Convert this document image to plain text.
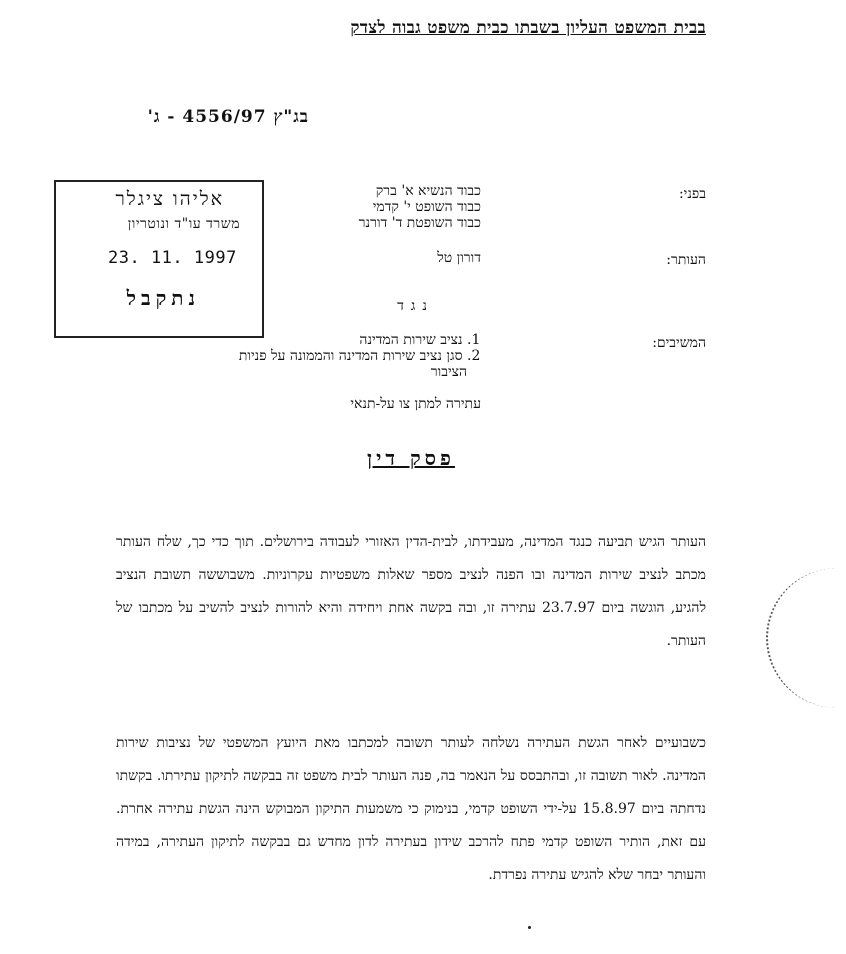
בבית המשפט העליון בשבתו כבית משפט גבוה לצדק
בג"ץ 4556/97 - ג'
אליהו ציגלר
משרד עו"ד ונוטריון
23. 11. 1997
נתקבל
בפני:
כבוד הנשיא א' ברק
כבוד השופט י' קדמי
כבוד השופטת ד' דורנר
העותר:
דורון טל
נגד
המשיבים:
1. נציב שירות המדינה
2. סגן נציב שירות המדינה והממונה על פניות
הציבור
עתירה למתן צו על-תנאי
פסק דין

העותר הגיש תביעה כנגד המדינה, מעבידתו, לבית-הדין האזורי לעבודה בירושלים. תוך כדי כך, שלח העותר מכתב לנציב שירות המדינה ובו הפנה לנציב מספר שאלות משפטיות עקרוניות. משבוששה תשובת הנציב להגיע, הוגשה ביום 23.7.97 עתירה זו, ובה בקשה אחת ויחידה והיא להורות לנציב להשיב על מכתבו של העותר.

כשבועיים לאחר הגשת העתירה נשלחה לעותר תשובה למכתבו מאת היועץ המשפטי של נציבות שירות המדינה. לאור תשובה זו, ובהתבסס על הנאמר בה, פנה העותר לבית משפט זה בבקשה לתיקון עתירתו. בקשתו נדחתה ביום 15.8.97 על-ידי השופט קדמי, בנימוק כי משמעות התיקון המבוקש הינה הגשת עתירה אחרת. עם זאת, הותיר השופט קדמי פתח להרכב שידון בעתירה לדון מחדש גם בבקשה לתיקון העתירה, במידה והעותר יבחר שלא להגיש עתירה נפרדת.
